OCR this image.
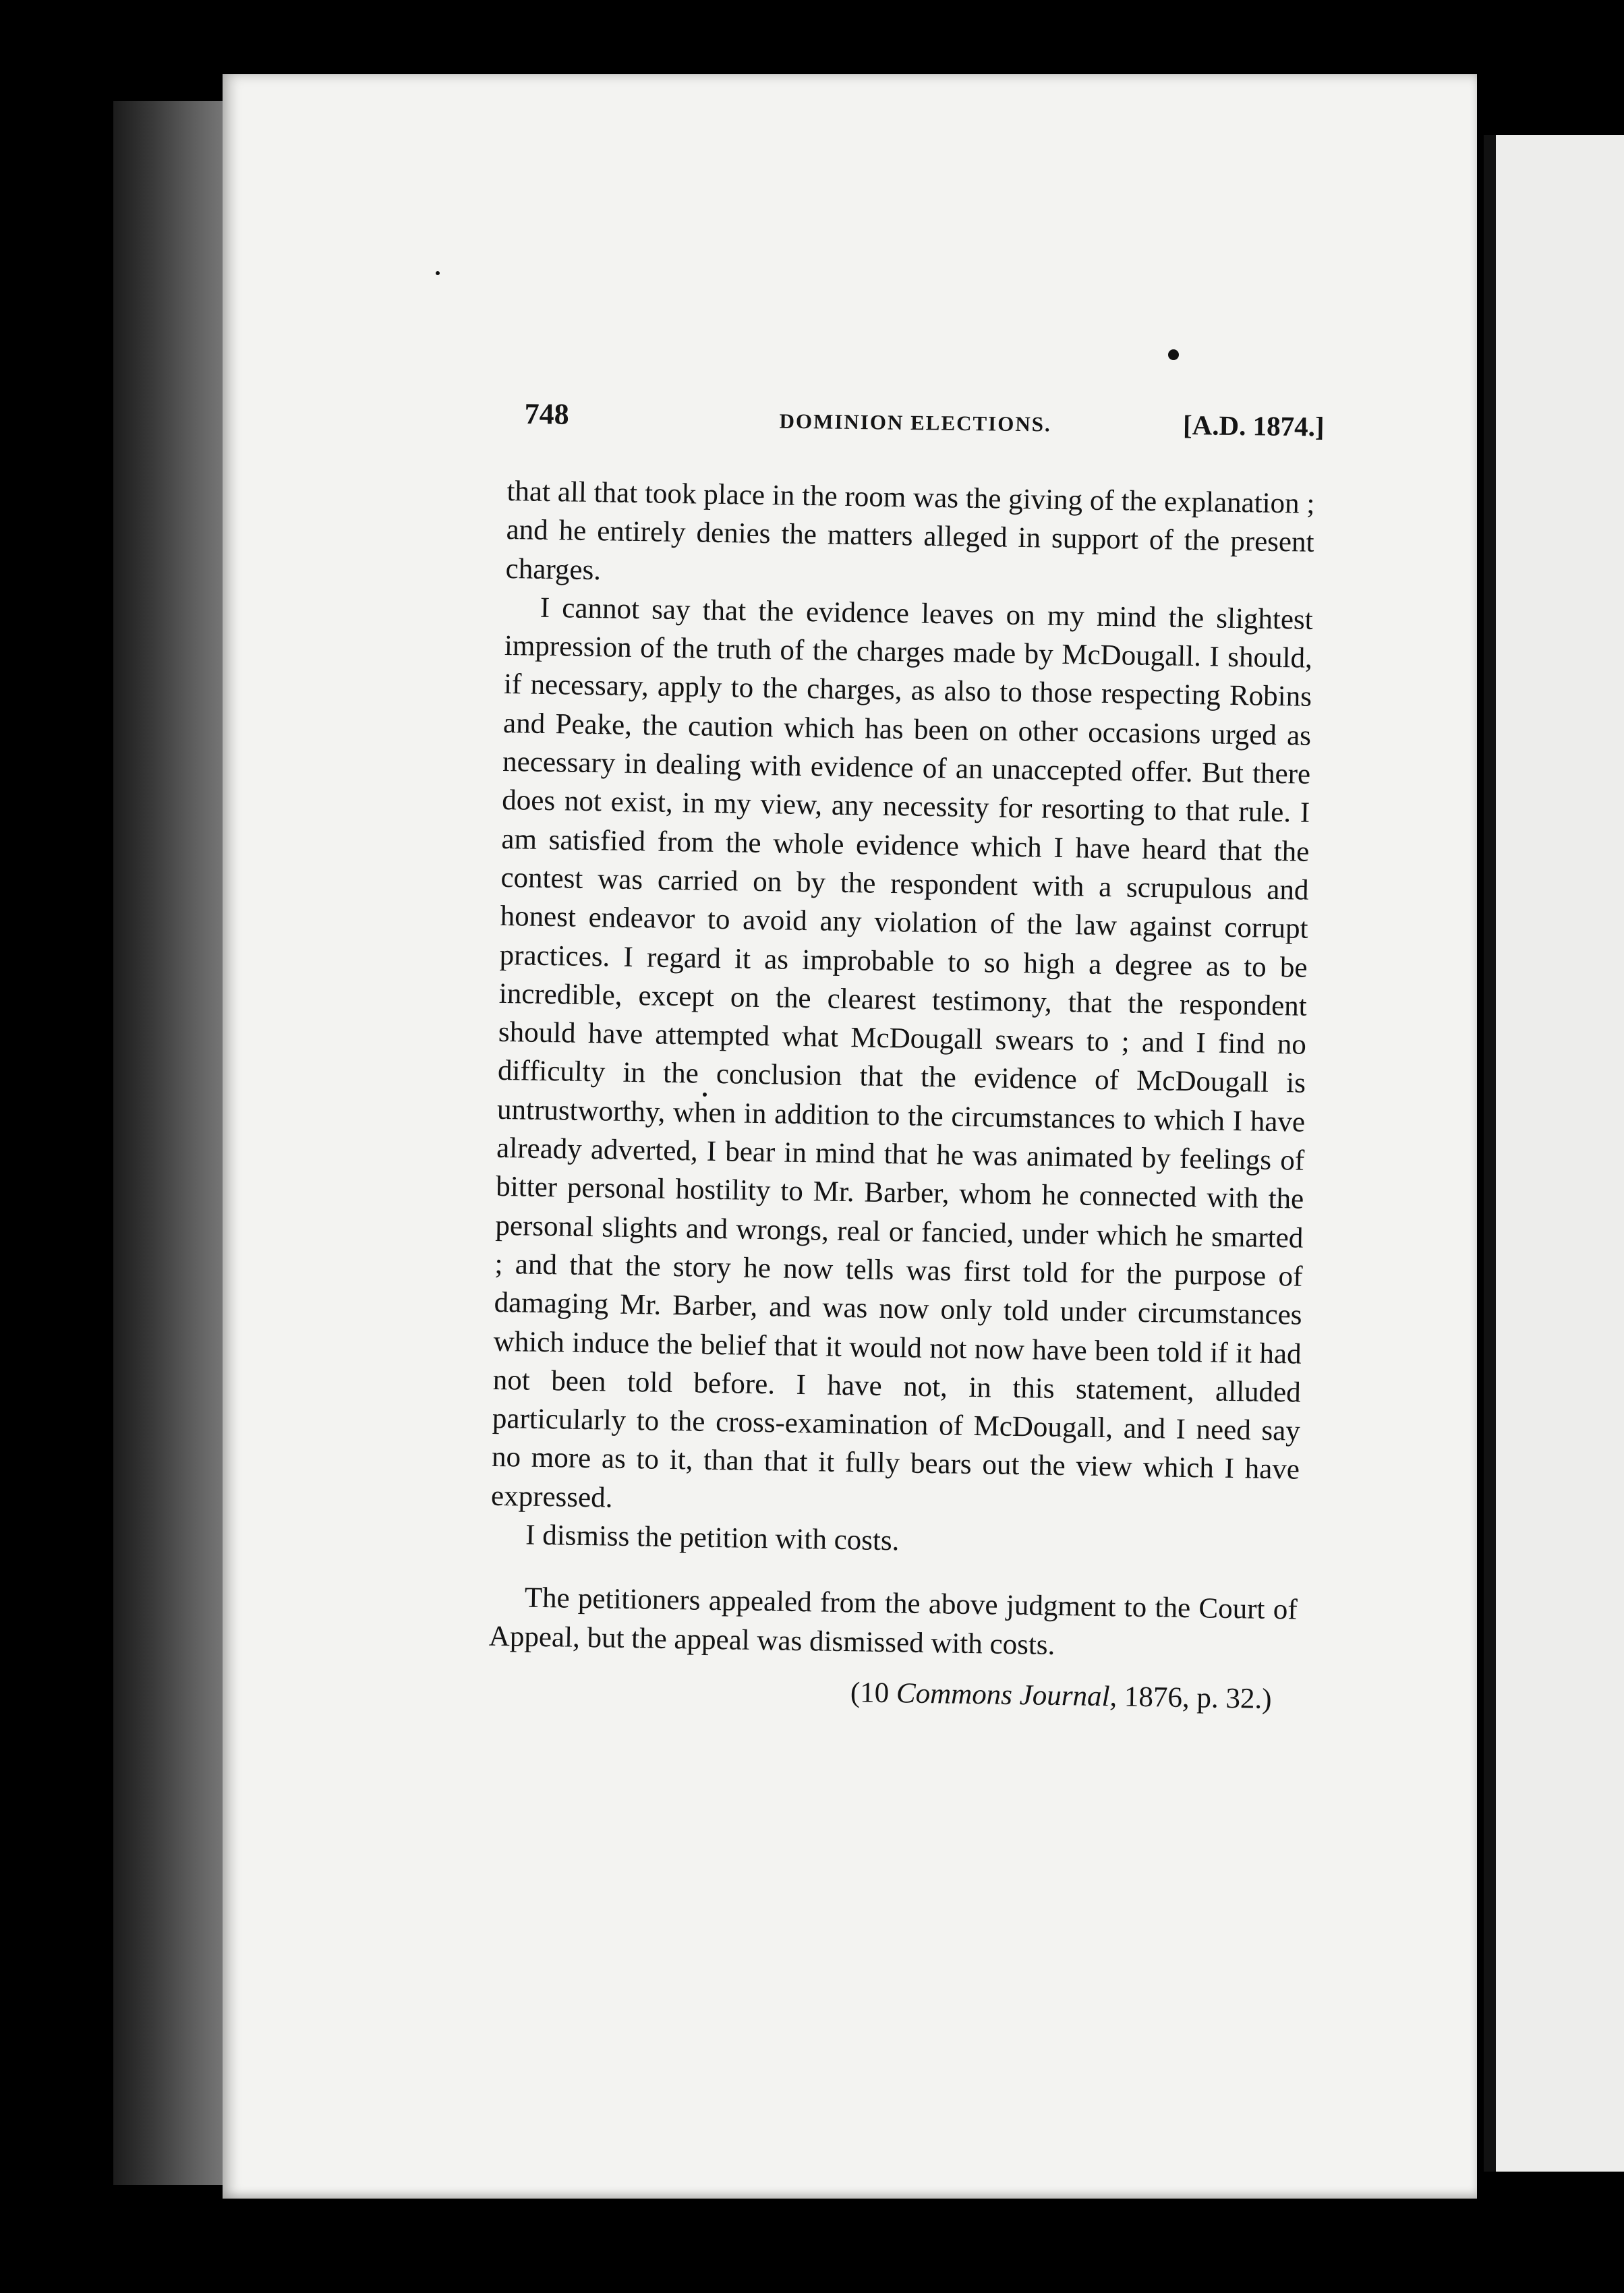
748	DOMINION ELECTIONS.	[A.D. 1874.]

that all that took place in the room was the giving of the explanation ; and he entirely denies the matters alleged in support of the present charges.

I cannot say that the evidence leaves on my mind the slightest impression of the truth of the charges made by McDougall. I should, if necessary, apply to the charges, as also to those respecting Robins and Peake, the caution which has been on other occasions urged as necessary in dealing with evidence of an unaccepted offer. But there does not exist, in my view, any necessity for resorting to that rule. I am satisfied from the whole evidence which I have heard that the contest was carried on by the respondent with a scrupulous and honest endeavor to avoid any violation of the law against corrupt practices. I regard it as improbable to so high a degree as to be incredible, except on the clearest testimony, that the respondent should have attempted what McDougall swears to ; and I find no difficulty in the conclusion that the evidence of McDougall is untrustworthy, when in addition to the circumstances to which I have already adverted, I bear in mind that he was animated by feelings of bitter personal hostility to Mr. Barber, whom he connected with the personal slights and wrongs, real or fancied, under which he smarted ; and that the story he now tells was first told for the purpose of damaging Mr. Barber, and was now only told under circumstances which induce the belief that it would not now have been told if it had not been told before. I have not, in this statement, alluded particularly to the cross-examination of McDougall, and I need say no more as to it, than that it fully bears out the view which I have expressed.

I dismiss the petition with costs.

The petitioners appealed from the above judgment to the Court of Appeal, but the appeal was dismissed with costs.

(10 Commons Journal, 1876, p. 32.)
